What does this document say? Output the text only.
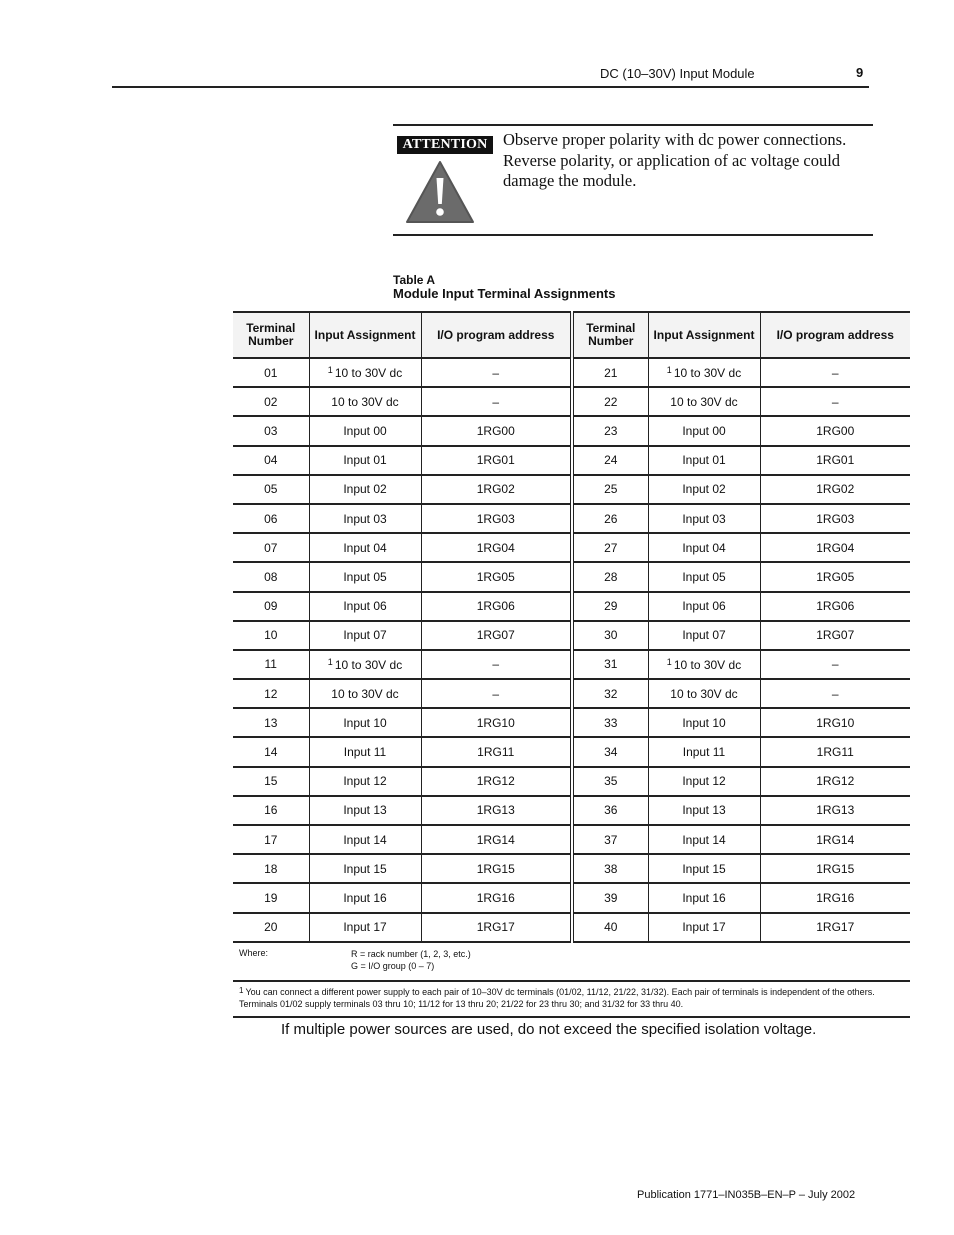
DC (10–30V) Input Module	9
ATTENTION Observe proper polarity with dc power connections. Reverse polarity, or application of ac voltage could damage the module.
Table A
Module Input Terminal Assignments
Terminal Number	Input Assignment	I/O program address	Terminal Number	Input Assignment	I/O program address
01	$^1$ 10 to 30V dc	–	21	$^1$ 10 to 30V dc	–
02	10 to 30V dc	–	22	10 to 30V dc	–
03	Input 00	1RG00	23	Input 00	1RG00
04	Input 01	1RG01	24	Input 01	1RG01
05	Input 02	1RG02	25	Input 02	1RG02
06	Input 03	1RG03	26	Input 03	1RG03
07	Input 04	1RG04	27	Input 04	1RG04
08	Input 05	1RG05	28	Input 05	1RG05
09	Input 06	1RG06	29	Input 06	1RG06
10	Input 07	1RG07	30	Input 07	1RG07
11	$^1$ 10 to 30V dc	–	31	$^1$ 10 to 30V dc	–
12	10 to 30V dc	–	32	10 to 30V dc	–
13	Input 10	1RG10	33	Input 10	1RG10
14	Input 11	1RG11	34	Input 11	1RG11
15	Input 12	1RG12	35	Input 12	1RG12
16	Input 13	1RG13	36	Input 13	1RG13
17	Input 14	1RG14	37	Input 14	1RG14
18	Input 15	1RG15	38	Input 15	1RG15
19	Input 16	1RG16	39	Input 16	1RG16
20	Input 17	1RG17	40	Input 17	1RG17
Where:	R = rack number (1, 2, 3, etc.)
G = I/O group (0 – 7)
$^1$ You can connect a different power supply to each pair of 10–30V dc terminals (01/02, 11/12, 21/22, 31/32). Each pair of terminals is independent of the others.
Terminals 01/02 supply terminals 03 thru 10; 11/12 for 13 thru 20; 21/22 for 23 thru 30; and 31/32 for 33 thru 40.
If multiple power sources are used, do not exceed the specified isolation voltage.
Publication 1771–IN035B–EN–P – July 2002
